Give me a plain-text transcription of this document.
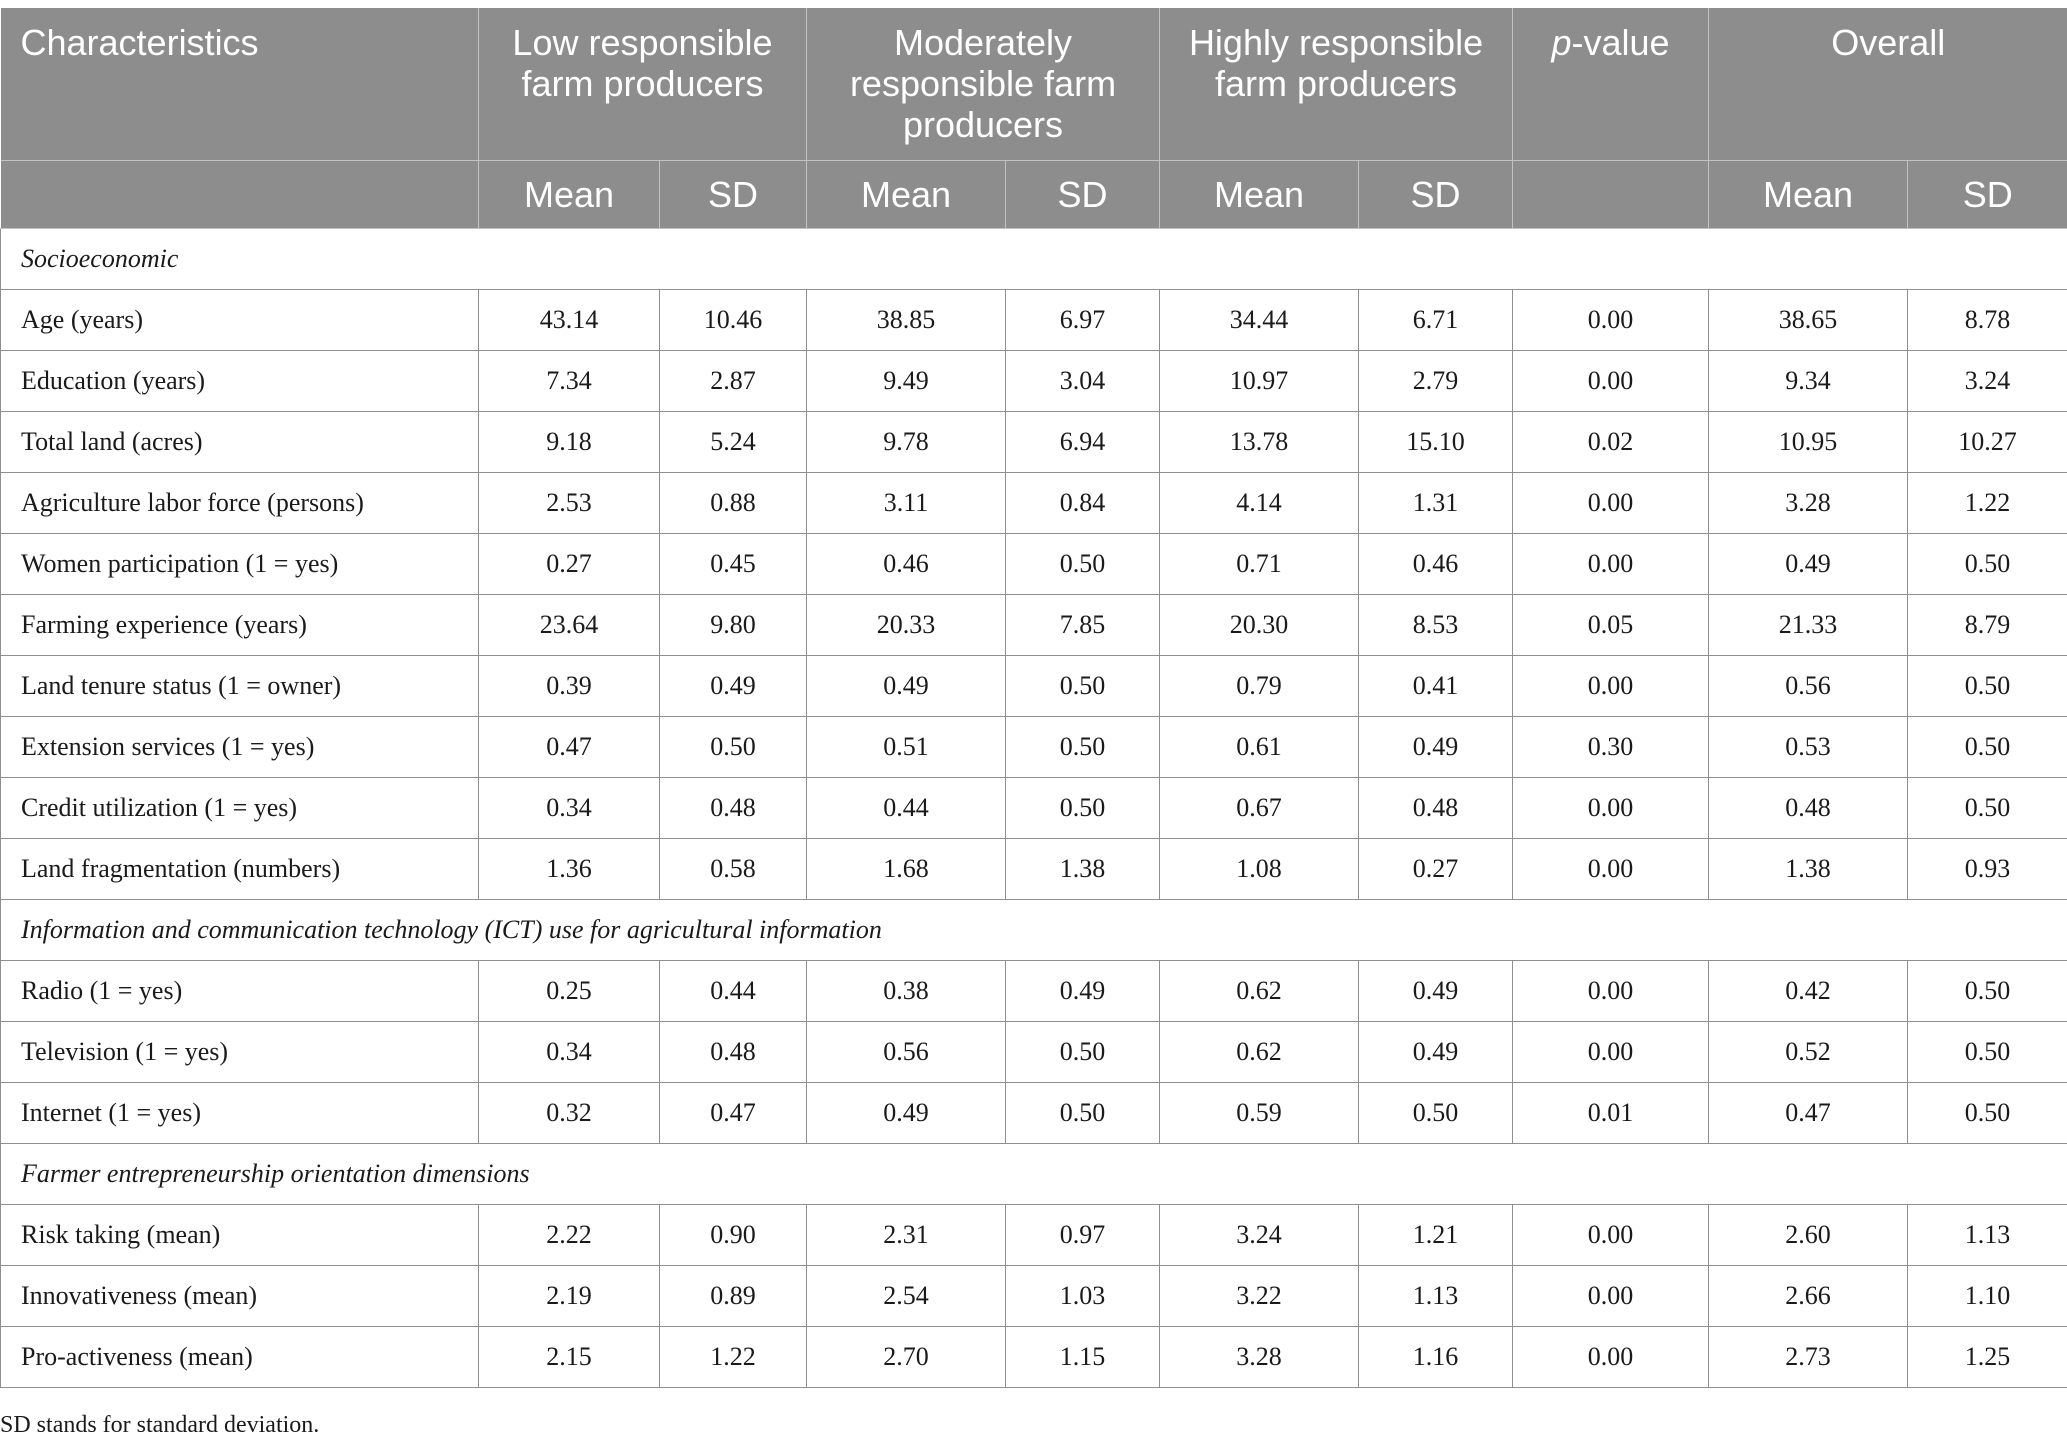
Characteristics	Low responsible farm producers		Moderately responsible farm producers		Highly responsible farm producers		p-value	Overall	
	Mean	SD	Mean	SD	Mean	SD		Mean	SD
Socioeconomic									
Age (years)	43.14	10.46	38.85	6.97	34.44	6.71	0.00	38.65	8.78
Education (years)	7.34	2.87	9.49	3.04	10.97	2.79	0.00	9.34	3.24
Total land (acres)	9.18	5.24	9.78	6.94	13.78	15.10	0.02	10.95	10.27
Agriculture labor force (persons)	2.53	0.88	3.11	0.84	4.14	1.31	0.00	3.28	1.22
Women participation (1 = yes)	0.27	0.45	0.46	0.50	0.71	0.46	0.00	0.49	0.50
Farming experience (years)	23.64	9.80	20.33	7.85	20.30	8.53	0.05	21.33	8.79
Land tenure status (1 = owner)	0.39	0.49	0.49	0.50	0.79	0.41	0.00	0.56	0.50
Extension services (1 = yes)	0.47	0.50	0.51	0.50	0.61	0.49	0.30	0.53	0.50
Credit utilization (1 = yes)	0.34	0.48	0.44	0.50	0.67	0.48	0.00	0.48	0.50
Land fragmentation (numbers)	1.36	0.58	1.68	1.38	1.08	0.27	0.00	1.38	0.93
Information and communication technology (ICT) use for agricultural information									
Radio (1 = yes)	0.25	0.44	0.38	0.49	0.62	0.49	0.00	0.42	0.50
Television (1 = yes)	0.34	0.48	0.56	0.50	0.62	0.49	0.00	0.52	0.50
Internet (1 = yes)	0.32	0.47	0.49	0.50	0.59	0.50	0.01	0.47	0.50
Farmer entrepreneurship orientation dimensions									
Risk taking (mean)	2.22	0.90	2.31	0.97	3.24	1.21	0.00	2.60	1.13
Innovativeness (mean)	2.19	0.89	2.54	1.03	3.22	1.13	0.00	2.66	1.10
Pro-activeness (mean)	2.15	1.22	2.70	1.15	3.28	1.16	0.00	2.73	1.25
SD stands for standard deviation.
